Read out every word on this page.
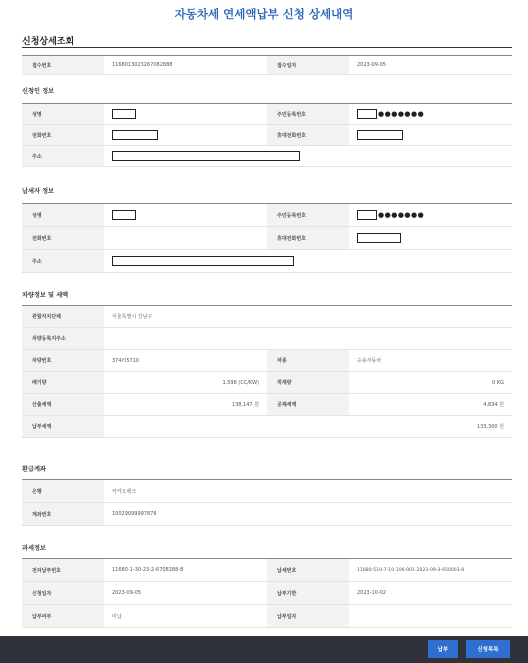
자동차세 연세액납부 신청 상세내역
신청상세조회
접수번호	1168013023267082888	접수일자	2023-09-05
신청인 정보
성명	주민등록번호	●●●●●●●
전화번호	휴대전화번호
주소
납세자 정보
성명	주민등록번호	●●●●●●●
전화번호	휴대전화번호
주소
차량정보 및 세액
관할자치단체	서울특별시 강남구
차량등록지주소
차량번호	374러5710	차종	승용자동차
배기량	1,598 (CC/KW)	적재량	0 KG
산출세액	138,147 원	공제세액	4,834 원
납부세액	133,300 원
환급계좌
은행	카카오뱅크
계좌번호	10029099997878
과세정보
전자납부번호	11680-1-30-23-2-6708288-8	납세번호	11680-510-7-10-106-001-2023-09-3-650003-8
신청일자	2023-09-05	납부기한	2023-10-02
납부여부	미납	납부일자
납부	신청목록
